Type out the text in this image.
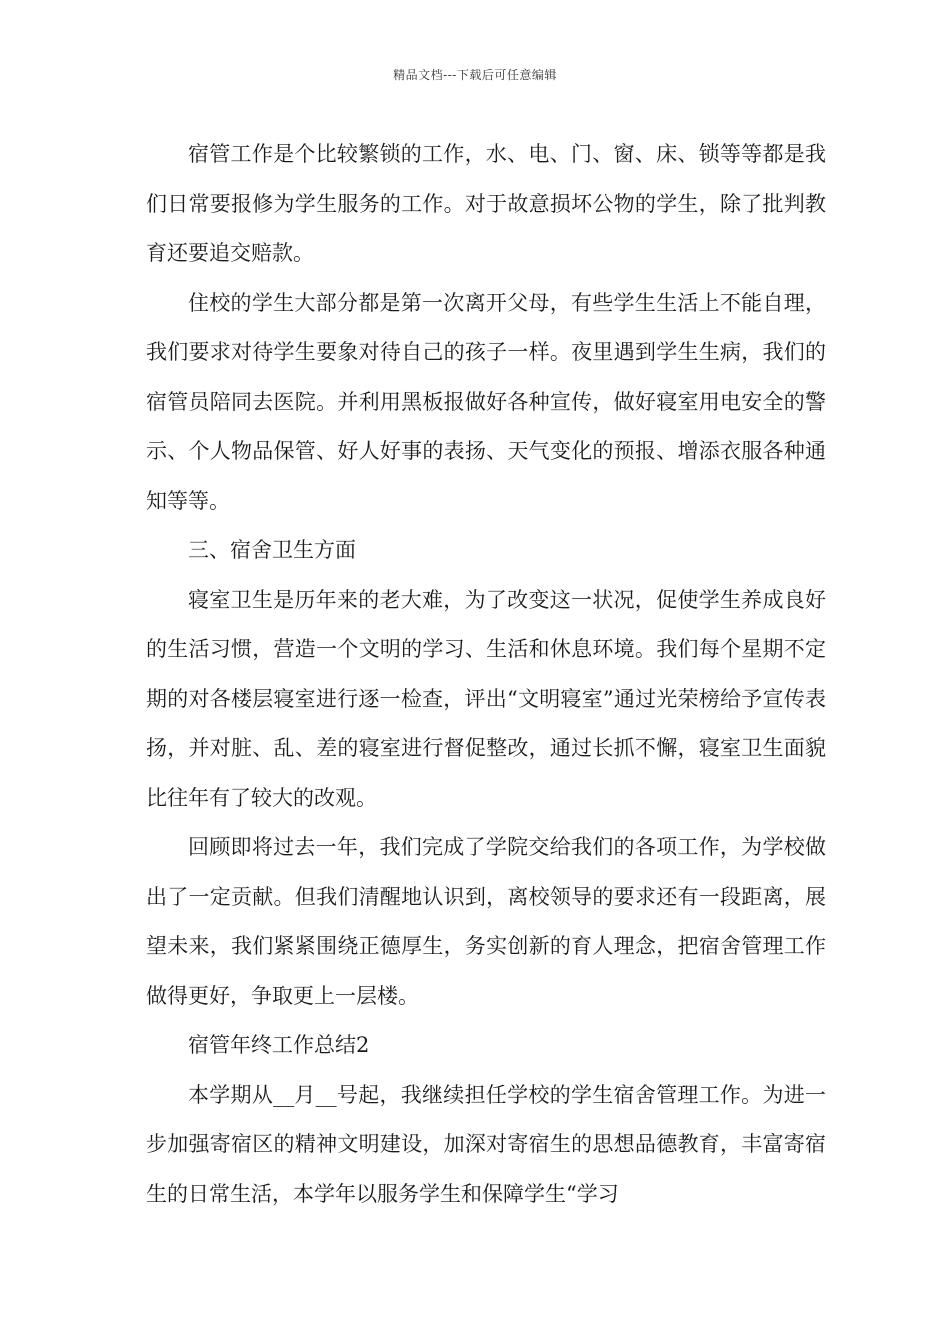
精品文档---下载后可任意编辑

宿管工作是个比较繁锁的工作，水、电、门、窗、床、锁等等都是我们日常要报修为学生服务的工作。对于故意损坏公物的学生，除了批判教育还要追交赔款。

住校的学生大部分都是第一次离开父母，有些学生生活上不能自理，我们要求对待学生要象对待自己的孩子一样。夜里遇到学生生病，我们的宿管员陪同去医院。并利用黑板报做好各种宣传，做好寝室用电安全的警示、个人物品保管、好人好事的表扬、天气变化的预报、增添衣服各种通知等等。

三、宿舍卫生方面

寝室卫生是历年来的老大难，为了改变这一状况，促使学生养成良好的生活习惯，营造一个文明的学习、生活和休息环境。我们每个星期不定期的对各楼层寝室进行逐一检查，评出“文明寝室”通过光荣榜给予宣传表扬，并对脏、乱、差的寝室进行督促整改，通过长抓不懈，寝室卫生面貌比往年有了较大的改观。

回顾即将过去一年，我们完成了学院交给我们的各项工作，为学校做出了一定贡献。但我们清醒地认识到，离校领导的要求还有一段距离，展望未来，我们紧紧围绕正德厚生，务实创新的育人理念，把宿舍管理工作做得更好，争取更上一层楼。

宿管年终工作总结2

本学期从__月__号起，我继续担任学校的学生宿舍管理工作。为进一步加强寄宿区的精神文明建设，加深对寄宿生的思想品德教育，丰富寄宿生的日常生活，本学年以服务学生和保障学生“学习
